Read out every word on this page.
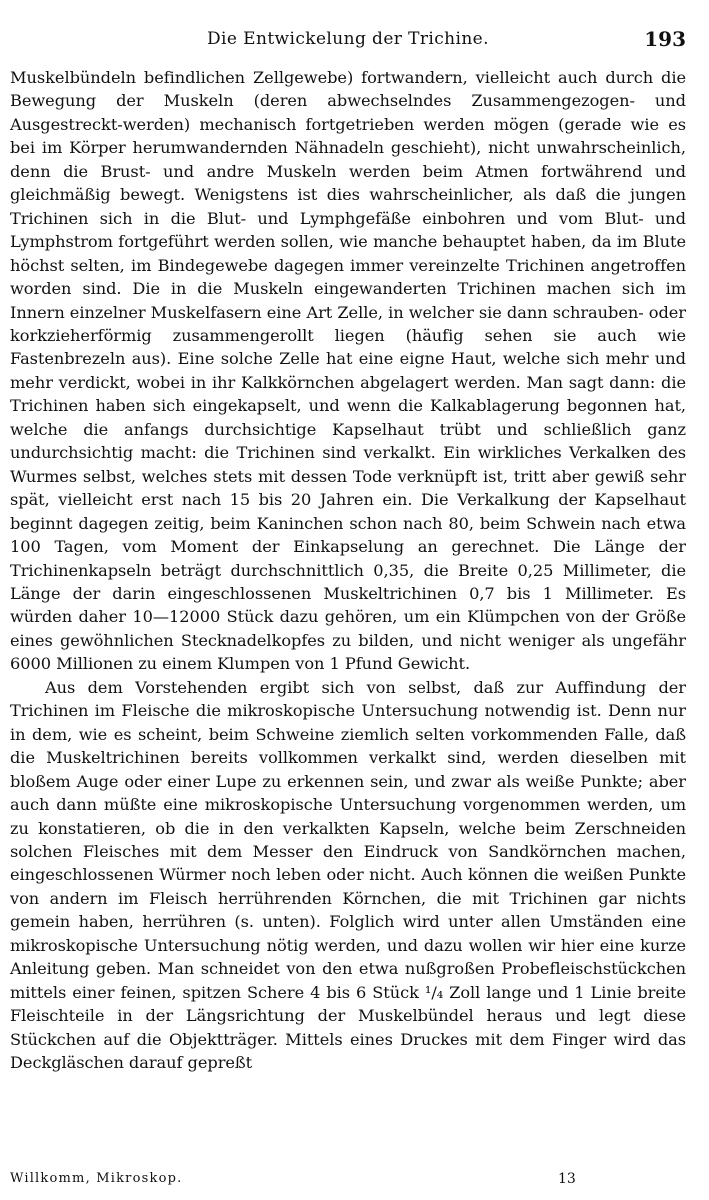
Die Entwickelung der Trichine.	193

Muskelbündeln befindlichen Zellgewebe) fortwandern, vielleicht auch durch die Bewegung der Muskeln (deren abwechselndes Zusammengezogen- und Ausgestreckt-werden) mechanisch fortgetrieben werden mögen (gerade wie es bei im Körper herumwandernden Nähnadeln geschieht), nicht unwahrscheinlich, denn die Brust- und andre Muskeln werden beim Atmen fortwährend und gleichmäßig bewegt. Wenigstens ist dies wahrscheinlicher, als daß die jungen Trichinen sich in die Blut- und Lymphgefäße einbohren und vom Blut- und Lymphstrom fortgeführt werden sollen, wie manche behauptet haben, da im Blute höchst selten, im Bindegewebe dagegen immer vereinzelte Trichinen angetroffen worden sind. Die in die Muskeln eingewanderten Trichinen machen sich im Innern einzelner Muskelfasern eine Art Zelle, in welcher sie dann schrauben- oder korkzieherförmig zusammengerollt liegen (häufig sehen sie auch wie Fastenbrezeln aus). Eine solche Zelle hat eine eigne Haut, welche sich mehr und mehr verdickt, wobei in ihr Kalkkörnchen abgelagert werden. Man sagt dann: die Trichinen haben sich eingekapselt, und wenn die Kalkablagerung begonnen hat, welche die anfangs durchsichtige Kapselhaut trübt und schließlich ganz undurchsichtig macht: die Trichinen sind verkalkt. Ein wirkliches Verkalken des Wurmes selbst, welches stets mit dessen Tode verknüpft ist, tritt aber gewiß sehr spät, vielleicht erst nach 15 bis 20 Jahren ein. Die Verkalkung der Kapselhaut beginnt dagegen zeitig, beim Kaninchen schon nach 80, beim Schwein nach etwa 100 Tagen, vom Moment der Einkapselung an gerechnet. Die Länge der Trichinenkapseln beträgt durchschnittlich 0,35, die Breite 0,25 Millimeter, die Länge der darin eingeschlossenen Muskeltrichinen 0,7 bis 1 Millimeter. Es würden daher 10—12000 Stück dazu gehören, um ein Klümpchen von der Größe eines gewöhnlichen Stecknadelkopfes zu bilden, und nicht weniger als ungefähr 6000 Millionen zu einem Klumpen von 1 Pfund Gewicht.

Aus dem Vorstehenden ergibt sich von selbst, daß zur Auffindung der Trichinen im Fleische die mikroskopische Untersuchung notwendig ist. Denn nur in dem, wie es scheint, beim Schweine ziemlich selten vorkommenden Falle, daß die Muskeltrichinen bereits vollkommen verkalkt sind, werden dieselben mit bloßem Auge oder einer Lupe zu erkennen sein, und zwar als weiße Punkte; aber auch dann müßte eine mikroskopische Untersuchung vorgenommen werden, um zu konstatieren, ob die in den verkalkten Kapseln, welche beim Zerschneiden solchen Fleisches mit dem Messer den Eindruck von Sandkörnchen machen, eingeschlossenen Würmer noch leben oder nicht. Auch können die weißen Punkte von andern im Fleisch herrührenden Körnchen, die mit Trichinen gar nichts gemein haben, herrühren (s. unten). Folglich wird unter allen Umständen eine mikroskopische Untersuchung nötig werden, und dazu wollen wir hier eine kurze Anleitung geben. Man schneidet von den etwa nußgroßen Probefleischstückchen mittels einer feinen, spitzen Schere 4 bis 6 Stück ¹/₄ Zoll lange und 1 Linie breite Fleischteile in der Längsrichtung der Muskelbündel heraus und legt diese Stückchen auf die Objektträger. Mittels eines Druckes mit dem Finger wird das Deckgläschen darauf gepreßt

Willkomm, Mikroskop.	13
